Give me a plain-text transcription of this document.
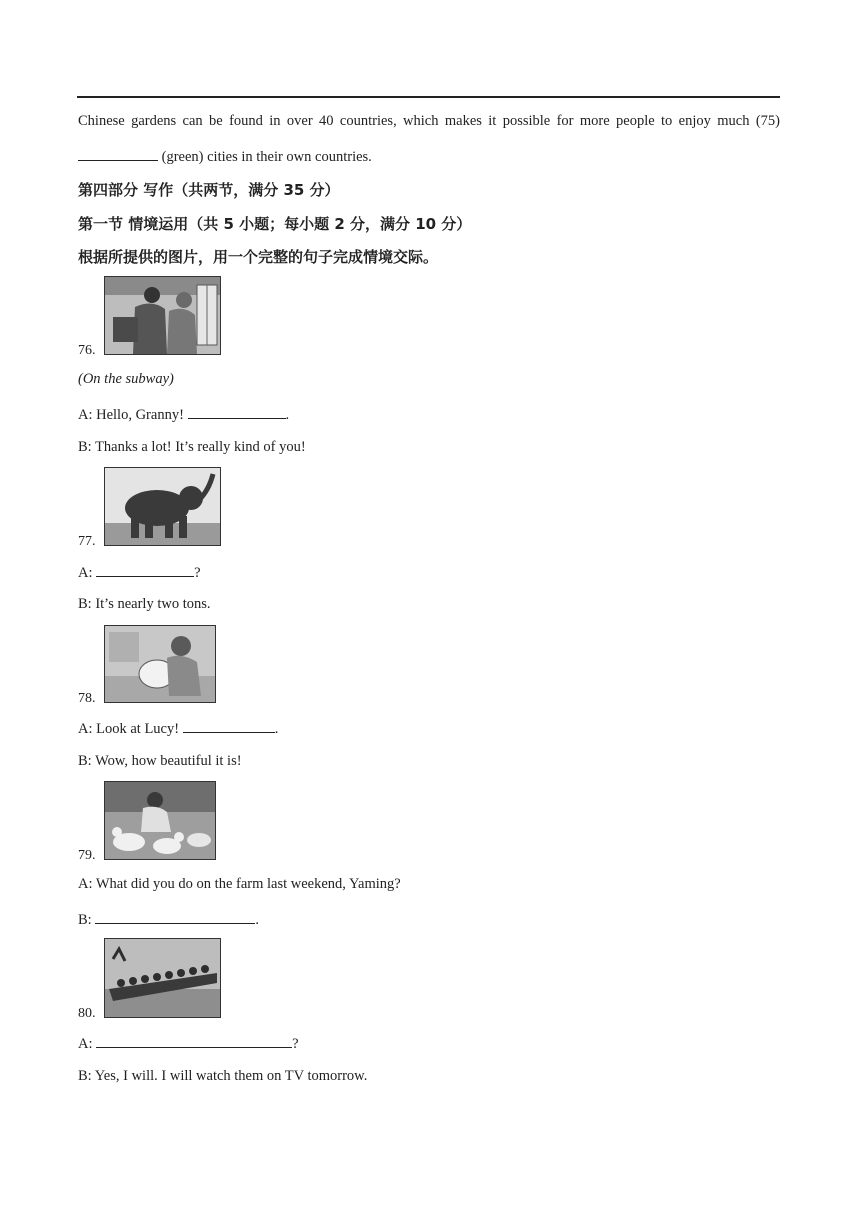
Chinese gardens can be found in over 40 countries, which makes it possible for more people to enjoy much (75)
(green) cities in their own countries.
第四部分 写作（共两节，满分 35 分）
第一节 情境运用（共 5 小题；每小题 2 分，满分 10 分）
根据所提供的图片，用一个完整的句子完成情境交际。
76.
(On the subway)
A: Hello, Granny!	.
B: Thanks a lot! It’s really kind of you!
77.
A:	?
B: It’s nearly two tons.
78.
A: Look at Lucy!	.
B: Wow, how beautiful it is!
79.
A: What did you do on the farm last weekend, Yaming?
B:	.
80.
A:	?
B: Yes, I will. I will watch them on TV tomorrow.
